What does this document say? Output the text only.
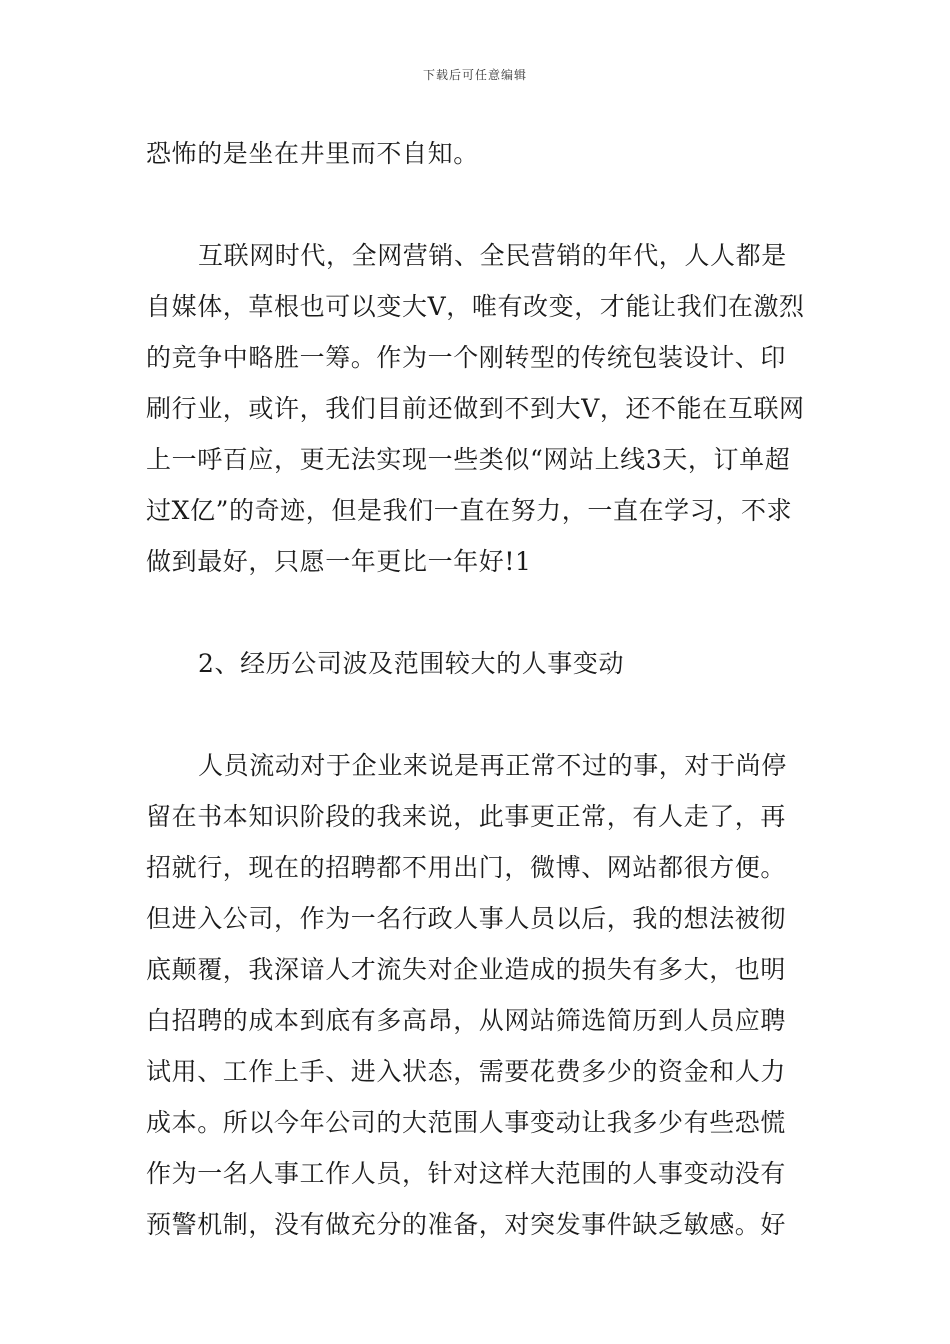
下载后可任意编辑
恐怖的是坐在井里而不自知。
互联网时代，全网营销、全民营销的年代，人人都是
自媒体，草根也可以变大V，唯有改变，才能让我们在激烈
的竞争中略胜一筹。作为一个刚转型的传统包装设计、印
刷行业，或许，我们目前还做到不到大V，还不能在互联网
上一呼百应，更无法实现一些类似“网站上线3天，订单超
过X亿”的奇迹，但是我们一直在努力，一直在学习，不求
做到最好，只愿一年更比一年好!1
2、经历公司波及范围较大的人事变动
人员流动对于企业来说是再正常不过的事，对于尚停
留在书本知识阶段的我来说，此事更正常，有人走了，再
招就行，现在的招聘都不用出门，微博、网站都很方便。
但进入公司，作为一名行政人事人员以后，我的想法被彻
底颠覆，我深谙人才流失对企业造成的损失有多大，也明
白招聘的成本到底有多高昂，从网站筛选简历到人员应聘
试用、工作上手、进入状态，需要花费多少的资金和人力
成本。所以今年公司的大范围人事变动让我多少有些恐慌
作为一名人事工作人员，针对这样大范围的人事变动没有
预警机制，没有做充分的准备，对突发事件缺乏敏感。好
